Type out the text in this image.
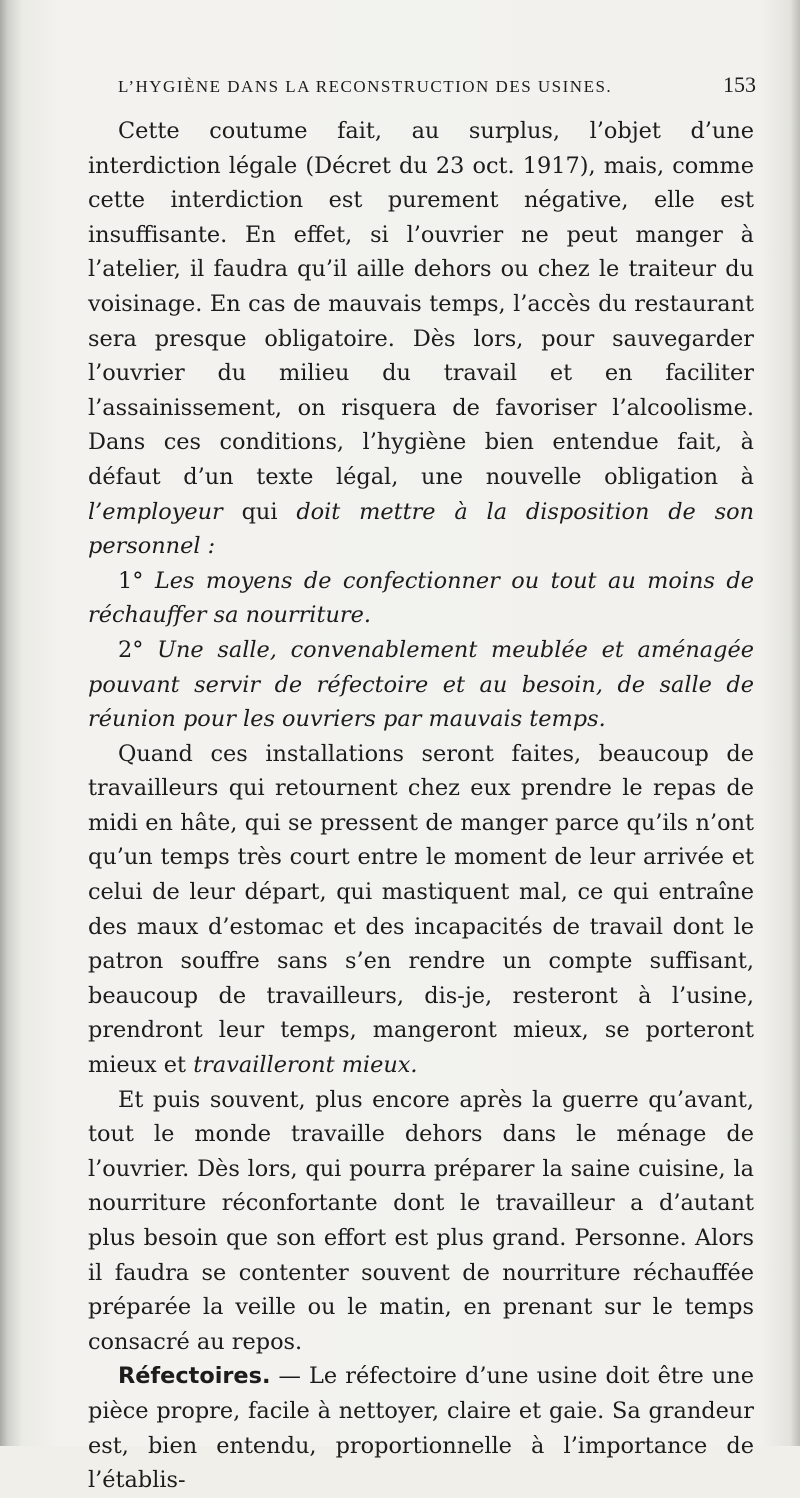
L’HYGIÈNE DANS LA RECONSTRUCTION DES USINES.	153

Cette coutume fait, au surplus, l’objet d’une interdiction légale (Décret du 23 oct. 1917), mais, comme cette interdiction est purement négative, elle est insuffisante. En effet, si l’ouvrier ne peut manger à l’atelier, il faudra qu’il aille dehors ou chez le traiteur du voisinage. En cas de mauvais temps, l’accès du restaurant sera presque obligatoire. Dès lors, pour sauvegarder l’ouvrier du milieu du travail et en faciliter l’assainissement, on risquera de favoriser l’alcoolisme. Dans ces conditions, l’hygiène bien entendue fait, à défaut d’un texte légal, une nouvelle obligation à l’employeur qui doit mettre à la disposition de son personnel :

1° Les moyens de confectionner ou tout au moins de réchauffer sa nourriture.

2° Une salle, convenablement meublée et aménagée pouvant servir de réfectoire et au besoin, de salle de réunion pour les ouvriers par mauvais temps.

Quand ces installations seront faites, beaucoup de travailleurs qui retournent chez eux prendre le repas de midi en hâte, qui se pressent de manger parce qu’ils n’ont qu’un temps très court entre le moment de leur arrivée et celui de leur départ, qui mastiquent mal, ce qui entraîne des maux d’estomac et des incapacités de travail dont le patron souffre sans s’en rendre un compte suffisant, beaucoup de travailleurs, dis-je, resteront à l’usine, prendront leur temps, mangeront mieux, se porteront mieux et travailleront mieux.

Et puis souvent, plus encore après la guerre qu’avant, tout le monde travaille dehors dans le ménage de l’ouvrier. Dès lors, qui pourra préparer la saine cuisine, la nourriture réconfortante dont le travailleur a d’autant plus besoin que son effort est plus grand. Personne. Alors il faudra se contenter souvent de nourriture réchauffée préparée la veille ou le matin, en prenant sur le temps consacré au repos.

Réfectoires. — Le réfectoire d’une usine doit être une pièce propre, facile à nettoyer, claire et gaie. Sa grandeur est, bien entendu, proportionnelle à l’importance de l’établis-
